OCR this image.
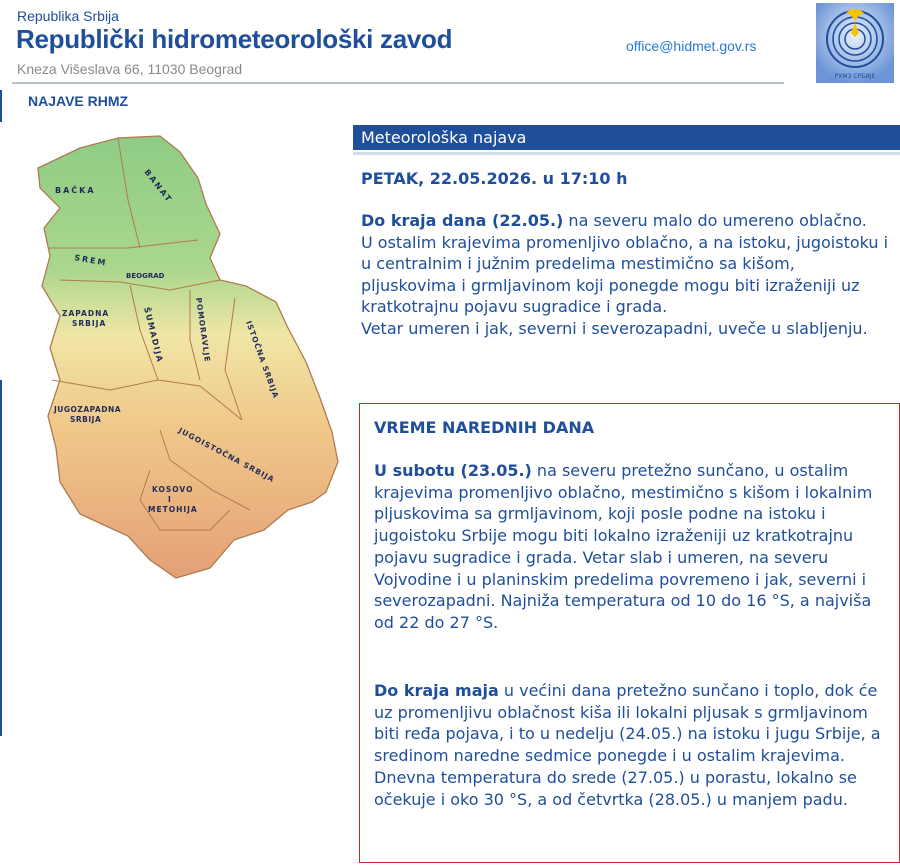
Republika Srbija
Republički hidrometeorološki zavod
Kneza Višeslava 66, 11030 Beograd
office@hidmet.gov.rs
РХМЗ СРБИЈЕ
NAJAVE RHMZ
BAČKA	BANAT
SREM
BEOGRAD
ZAPADNA
SRBIJA	ŠUMADIJA	POMORAVLJE	ISTOČNA SRBIJA
JUGOZAPADNA
SRBIJA
JUGOISTOČNA SRBIJA
KOSOVO
I
METOHIJA
Meteorološka najava
PETAK, 22.05.2026. u 17:10 h

Do kraja dana (22.05.) na severu malo do umereno oblačno.

U ostalim krajevima promenljivo oblačno, a na istoku, jugoistoku i u centralnim i južnim predelima mestimično sa kišom, pljuskovima i grmljavinom koji ponegde mogu biti izraženiji uz kratkotrajnu pojavu sugradice i grada.

Vetar umeren i jak, severni i severozapadni, uveče u slabljenju.

VREME NAREDNIH DANA

U subotu (23.05.) na severu pretežno sunčano, u ostalim krajevima promenljivo oblačno, mestimično s kišom i lokalnim pljuskovima sa grmljavinom, koji posle podne na istoku i jugoistoku Srbije mogu biti lokalno izraženiji uz kratkotrajnu pojavu sugradice i grada. Vetar slab i umeren, na severu Vojvodine i u planinskim predelima povremeno i jak, severni i severozapadni. Najniža temperatura od 10 do 16 °S, a najviša od 22 do 27 °S.

Do kraja maja u većini dana pretežno sunčano i toplo, dok će uz promenljivu oblačnost kiša ili lokalni pljusak s grmljavinom biti ređa pojava, i to u nedelju (24.05.) na istoku i jugu Srbije, a sredinom naredne sedmice ponegde i u ostalim krajevima.

Dnevna temperatura do srede (27.05.) u porastu, lokalno se očekuje i oko 30 °S, a od četvrtka (28.05.) u manjem padu.
